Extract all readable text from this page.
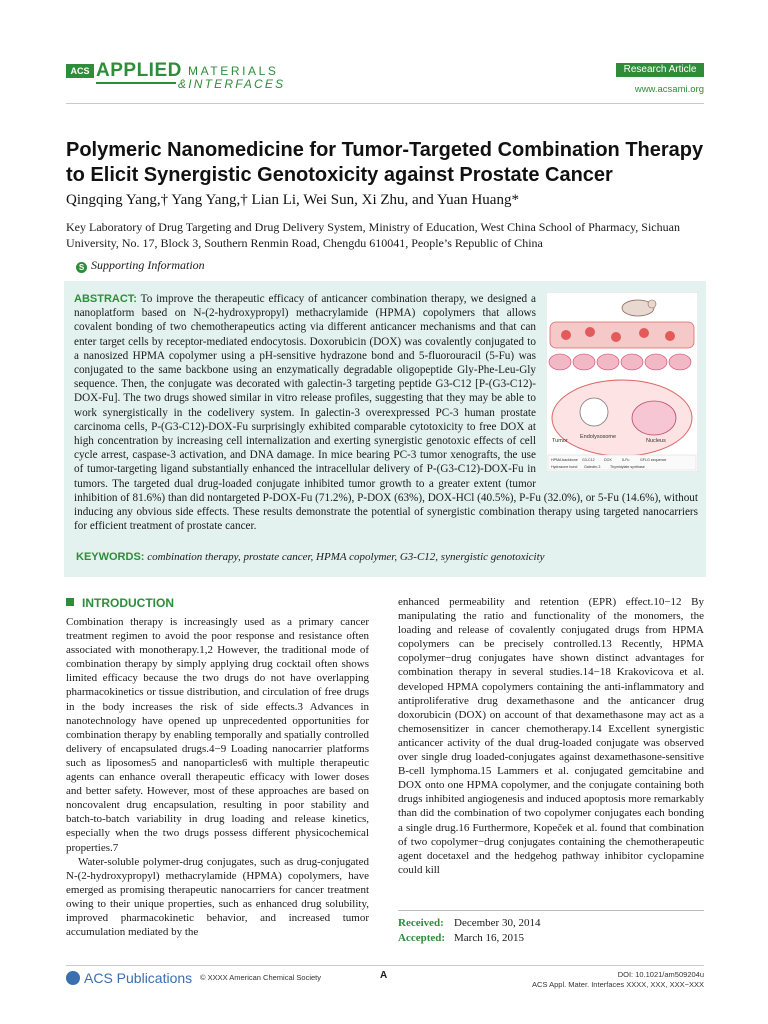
ACS APPLIED MATERIALS
&INTERFACES
Research Article
www.acsami.org
Polymeric Nanomedicine for Tumor-Targeted Combination Therapy to Elicit Synergistic Genotoxicity against Prostate Cancer
Qingqing Yang,† Yang Yang,† Lian Li, Wei Sun, Xi Zhu, and Yuan Huang*
Key Laboratory of Drug Targeting and Drug Delivery System, Ministry of Education, West China School of Pharmacy, Sichuan University, No. 17, Block 3, Southern Renmin Road, Chengdu 610041, People’s Republic of China
S Supporting Information
Tumor
Endolysosome
Nucleus
HPMA backbone G3-C12	DOX	5-Fu	GFLG sequence
Hydrazone bond Galectin-3	Thymidylate synthase
ABSTRACT: To improve the therapeutic efficacy of anticancer combination therapy, we designed a nanoplatform based on N-(2-hydroxypropyl) methacrylamide (HPMA) copolymers that allows covalent bonding of two chemotherapeutics acting via different anticancer mechanisms and that can enter target cells by receptor-mediated endocytosis. Doxorubicin (DOX) was covalently conjugated to a nanosized HPMA copolymer using a pH-sensitive hydrazone bond and 5-fluorouracil (5-Fu) was conjugated to the same backbone using an enzymatically degradable oligopeptide Gly-Phe-Leu-Gly sequence. Then, the conjugate was decorated with galectin-3 targeting peptide G3-C12 [P-(G3-C12)-DOX-Fu]. The two drugs showed similar in vitro release profiles, suggesting that they may be able to work synergistically in the codelivery system. In galectin-3 overexpressed PC-3 human prostate carcinoma cells, P-(G3-C12)-DOX-Fu surprisingly exhibited comparable cytotoxicity to free DOX at high concentration by increasing cell internalization and exerting synergistic genotoxic effects of cell cycle arrest, caspase-3 activation, and DNA damage. In mice bearing PC-3 tumor xenografts, the use of tumor-targeting ligand substantially enhanced the intracellular delivery of P-(G3-C12)-DOX-Fu in tumors. The targeted dual drug-loaded conjugate inhibited tumor growth to a greater extent (tumor inhibition of 81.6%) than did nontargeted P-DOX-Fu (71.2%), P-DOX (63%), DOX-HCl (40.5%), P-Fu (32.0%), or 5-Fu (14.6%), without inducing any obvious side effects. These results demonstrate the potential of synergistic combination therapy using targeted nanocarriers for efficient treatment of prostate cancer.
KEYWORDS: combination therapy, prostate cancer, HPMA copolymer, G3-C12, synergistic genotoxicity
INTRODUCTION

Combination therapy is increasingly used as a primary cancer treatment regimen to avoid the poor response and resistance often associated with monotherapy.1,2 However, the traditional mode of combination therapy by simply applying drug cocktail often shows limited efficacy because the two drugs do not have overlapping pharmacokinetics or tissue distribution, and circulation of free drugs in the body increases the risk of side effects.3 Advances in nanotechnology have opened up unprecedented opportunities for combination therapy by enabling temporally and spatially controlled delivery of encapsulated drugs.4−9 Loading nanocarrier platforms such as liposomes5 and nanoparticles6 with multiple therapeutic agents can enhance overall therapeutic efficacy with lower doses and better safety. However, most of these approaches are based on noncovalent drug encapsulation, resulting in poor stability and batch-to-batch variability in drug loading and release kinetics, especially when the two drugs possess different physicochemical properties.7

Water-soluble polymer-drug conjugates, such as drug-conjugated N-(2-hydroxypropyl) methacrylamide (HPMA) copolymers, have emerged as promising therapeutic nanocarriers for cancer treatment owing to their unique properties, such as enhanced drug solubility, improved pharmacokinetic behavior, and increased tumor accumulation mediated by the

enhanced permeability and retention (EPR) effect.10−12 By manipulating the ratio and functionality of the monomers, the loading and release of covalently conjugated drugs from HPMA copolymers can be precisely controlled.13 Recently, HPMA copolymer−drug conjugates have shown distinct advantages for combination therapy in several studies.14−18 Krakovicova et al. developed HPMA copolymers containing the anti-inflammatory and antiproliferative drug dexamethasone and the anticancer drug doxorubicin (DOX) on account of that dexamethasone may act as a chemosensitizer in cancer chemotherapy.14 Excellent synergistic anticancer activity of the dual drug-loaded conjugate was observed over single drug loaded-conjugates against dexamethasone-sensitive B-cell lymphoma.15 Lammers et al. conjugated gemcitabine and DOX onto one HPMA copolymer, and the conjugate containing both drugs inhibited angiogenesis and induced apoptosis more remarkably than did the combination of two copolymer conjugates each bonding a single drug.16 Furthermore, Kopeček et al. found that combination of two copolymer−drug conjugates containing the chemotherapeutic agent docetaxel and the hedgehog pathway inhibitor cyclopamine could kill

Received: December 30, 2014
Accepted: March 16, 2015
ACS Publications © XXXX American Chemical Society	A	DOI: 10.1021/am509204u
ACS Appl. Mater. Interfaces XXXX, XXX, XXX−XXX
